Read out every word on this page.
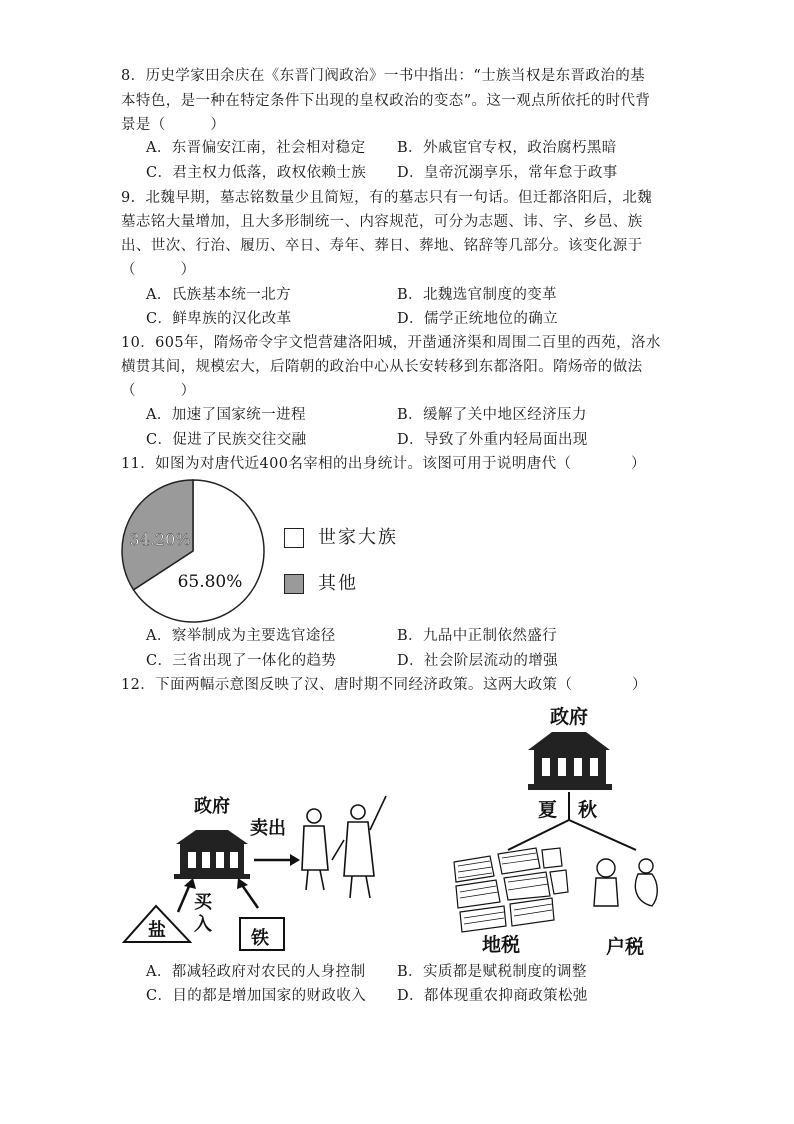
8．历史学家田余庆在《东晋门阀政治》一书中指出：“士族当权是东晋政治的基
本特色，是一种在特定条件下出现的皇权政治的变态”。这一观点所依托的时代背
景是（　　　）
A．东晋偏安江南，社会相对稳定 B．外戚宦官专权，政治腐朽黑暗
C．君主权力低落，政权依赖士族 D．皇帝沉溺享乐，常年怠于政事
9．北魏早期，墓志铭数量少且简短，有的墓志只有一句话。但迁都洛阳后，北魏
墓志铭大量增加，且大多形制统一、内容规范，可分为志题、讳、字、乡邑、族
出、世次、行治、履历、卒日、寿年、葬日、葬地、铭辞等几部分。该变化源于
（　　　）
A．氏族基本统一北方	B．北魏选官制度的变革
C．鲜卑族的汉化改革	D．儒学正统地位的确立
10．605年，隋炀帝令宇文恺营建洛阳城，开凿通济渠和周围二百里的西苑，洛水
横贯其间，规模宏大，后隋朝的政治中心从长安转移到东都洛阳。隋炀帝的做法
（　　　）
A．加速了国家统一进程	B．缓解了关中地区经济压力
C．促进了民族交往交融	D．导致了外重内轻局面出现
11．如图为对唐代近400名宰相的出身统计。该图可用于说明唐代（　　　　）
65.80%
34.20%	世家大族
其他
A．察举制成为主要选官途径	B．九品中正制依然盛行
C．三省出现了一体化的趋势	D．社会阶层流动的增强
12．下面两幅示意图反映了汉、唐时期不同经济政策。这两大政策（　　　　）
政府
卖出
买
入
盐	铁
政府
夏 秋
地税	户税
A．都减轻政府对农民的人身控制 B．实质都是赋税制度的调整
C．目的都是增加国家的财政收入 D．都体现重农抑商政策松弛
